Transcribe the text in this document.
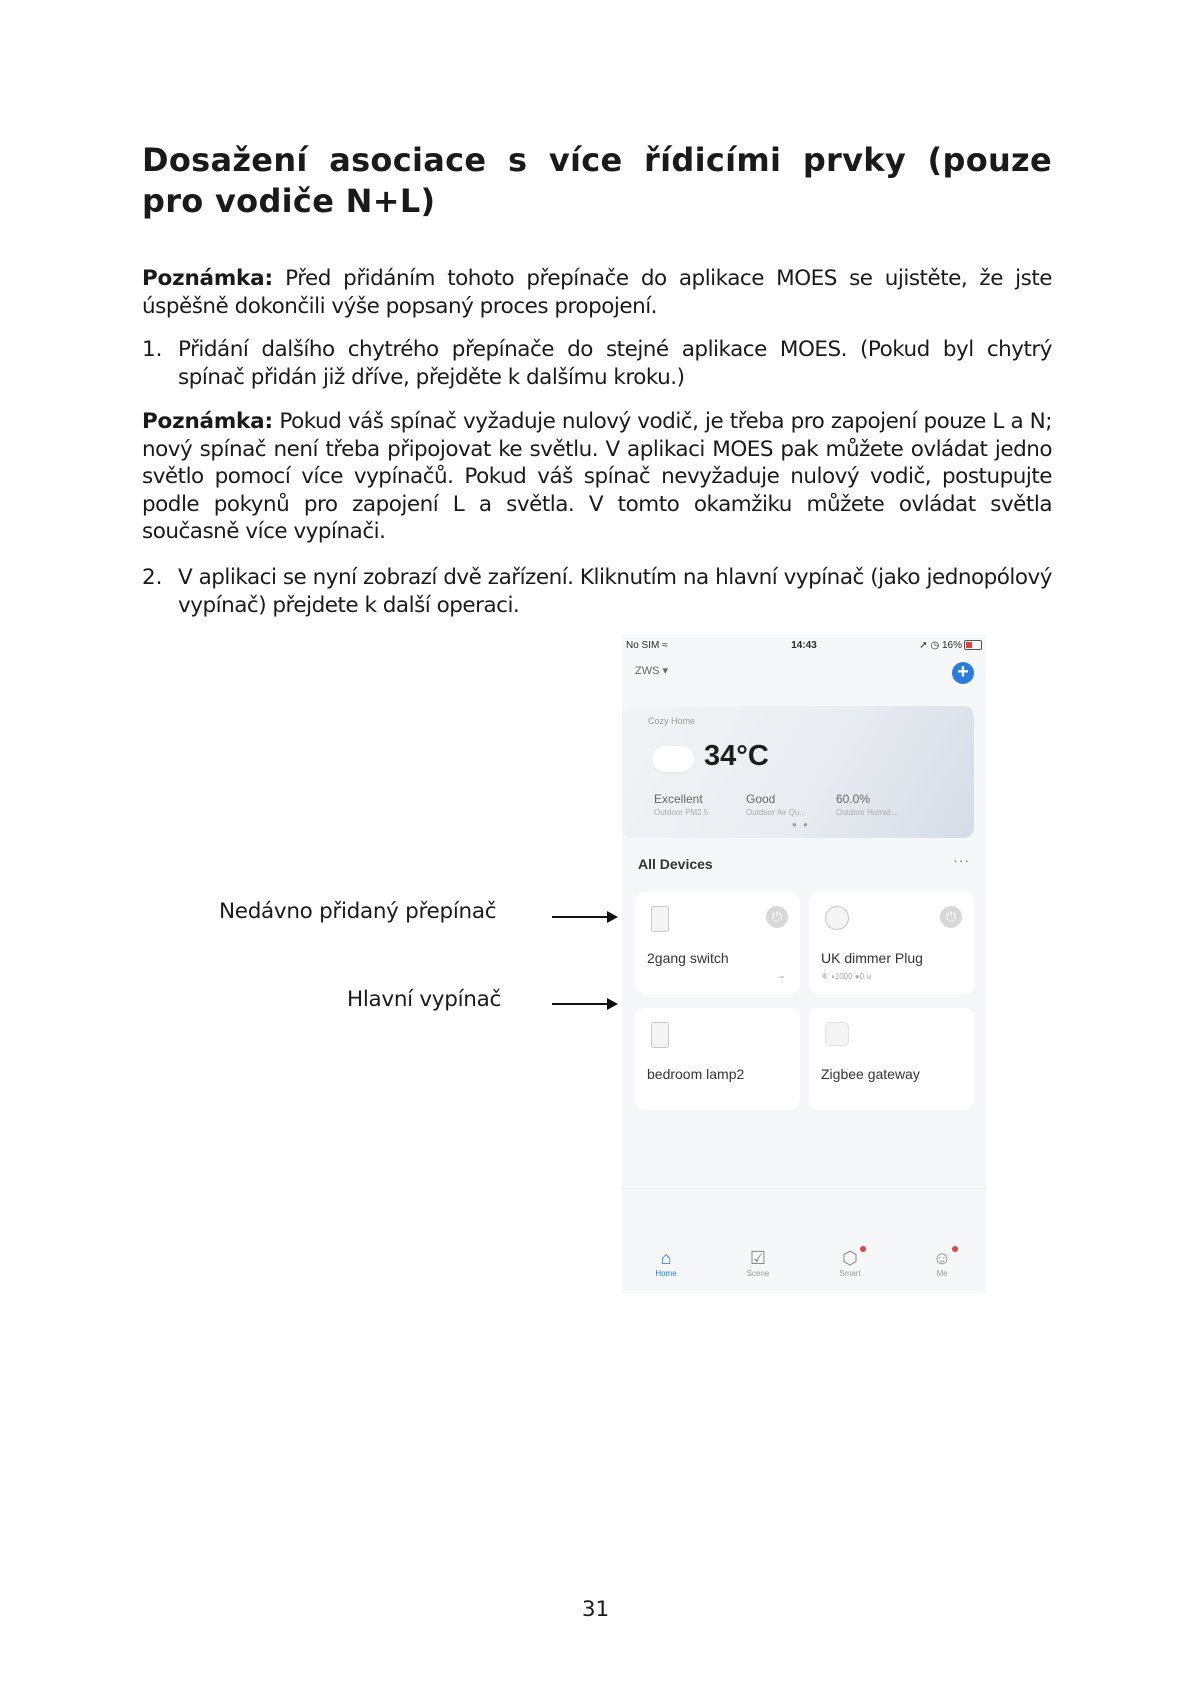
Dosažení asociace s více řídicími prvky (pouze pro vodiče N+L)

Poznámka: Před přidáním tohoto přepínače do aplikace MOES se ujistěte, že jste úspěšně dokončili výše popsaný proces propojení.

1. Přidání dalšího chytrého přepínače do stejné aplikace MOES. (Pokud byl chytrý spínač přidán již dříve, přejděte k dalšímu kroku.)

Poznámka: Pokud váš spínač vyžaduje nulový vodič, je třeba pro zapojení pouze L a N; nový spínač není třeba připojovat ke světlu. V aplikaci MOES pak můžete ovládat jedno světlo pomocí více vypínačů. Pokud váš spínač nevyžaduje nulový vodič, postupujte podle pokynů pro zapojení L a světla. V tomto okamžiku můžete ovládat světla současně více vypínači.

2. V aplikaci se nyní zobrazí dvě zařízení. Kliknutím na hlavní vypínač (jako jednopólový vypínač) přejdete k další operaci.

Nedávno přidaný přepínač
Hlavní vypínač
No SIM ≈	14:43	➚ ◷ 16%
ZWS ▾	+
Cozy Home
34°C
Excellent
Outdoor PM2.5
Good
Outdoor Air Qu...
60.0%
Outdoor Humid...
● ●
All Devices	···
⏻
2gang switch
⌄
⏻
UK dimmer Plug
※ ◑1000 ●0 ⊌
bedroom lamp2	Zigbee gateway
⌂
Home
☑
Scene
⬡
Smart
☺
Me
31
